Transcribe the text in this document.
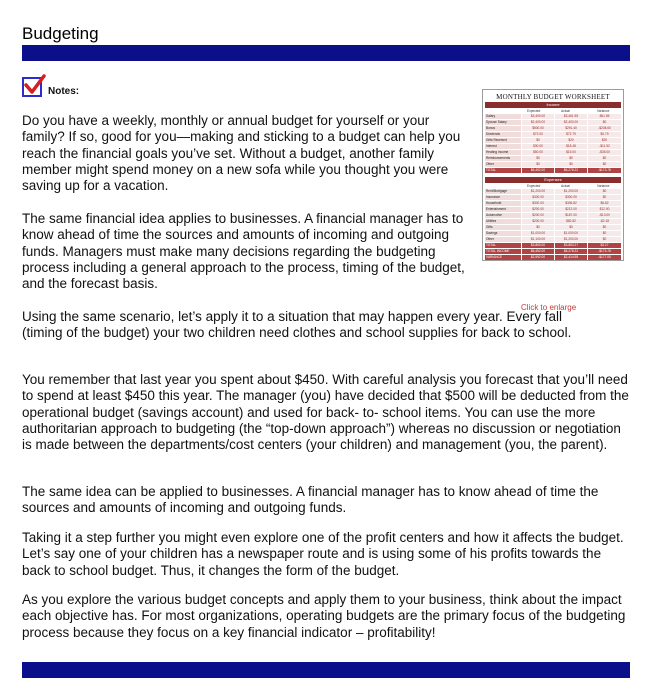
Budgeting
Notes:

Do you have a weekly, monthly or annual budget for yourself or your family? If so, good for you—making and sticking to a budget can help you reach the financial goals you’ve set. Without a budget, another family member might spend money on a new sofa while you thought you were saving up for a vacation.

The same financial idea applies to businesses. A financial manager has to know ahead of time the sources and amounts of incoming and outgoing funds. Managers must make many decisions regarding the budgeting process including a general approach to the process, timing of the budget, and the forecast basis.

Using the same scenario, let’s apply it to a situation that may happen every year. Every fall (timing of the budget) your two children need clothes and school supplies for back to school.

You remember that last year you spent about $450. With careful analysis you forecast that you’ll need to spend at least $450 this year. The manager (you) have decided that $500 will be deducted from the operational budget (savings account) and used for back- to- school items. You can use the more authoritarian approach to budgeting (the “top-down approach”) whereas no discussion or negotiation is made between the departments/cost centers (your children) and management (you, the parent).

The same idea can be applied to businesses. A financial manager has to know ahead of time the sources and amounts of incoming and outgoing funds.

Taking it a step further you might even explore one of the profit centers and how it affects the budget. Let’s say one of your children has a newspaper route and is using some of his profits towards the back to school budget. Thus, it changes the form of the budget.

As you explore the various budget concepts and apply them to your business, think about the impact each objective has. For most organizations, operating budgets are the primary focus of the budgeting process because they focus on a key financial indicator – profitability!

MONTHLY BUDGET WORKSHEET
Income
Expected	Actual	Variance
Salary	$3,400.00	$3,461.55	$61.55
Spouse Salary	$2,400.00	$2,400.00	$0
Bonus	$500.00	$291.40	-$208.60
Dividends	$72.00	$72.79	$0.79
Gifts Received	$0	$20	$20
Interest	$30.00	$18.48	-$11.52
Heating Income	$50.00	$15.00	-$35.00
Reimbursements	$0	$0	$0
Other	$0	$0	$0
TOTAL	$6,452.00	$6,278.22	-$173.78
Expenses
Expected	Actual	Variance
Rent/Mortgage	$1,200.00	$1,200.00	$0
Insurance	$300.00	$300.00	$0
Household	$300.00	$306.82	$6.82
Entertainment	$200.00	$212.00	$12.00
Automotive	$200.00	$187.00	-$13.00
Utilities	$200.00	$82.82	-$2.18
Gifts	$0	$0	$0
Savings	$1,000.00	$1,000.00	$0
Other	$1,100.00	$1,200.00	$0
TOTAL	$3,860.00	$3,863.27	$3.27
TOTAL INCOME	$6,452.00	$6,278.22	-$173.78
VARIANCE	$2,592.00	$2,414.95	-$177.05
Click to enlarge
